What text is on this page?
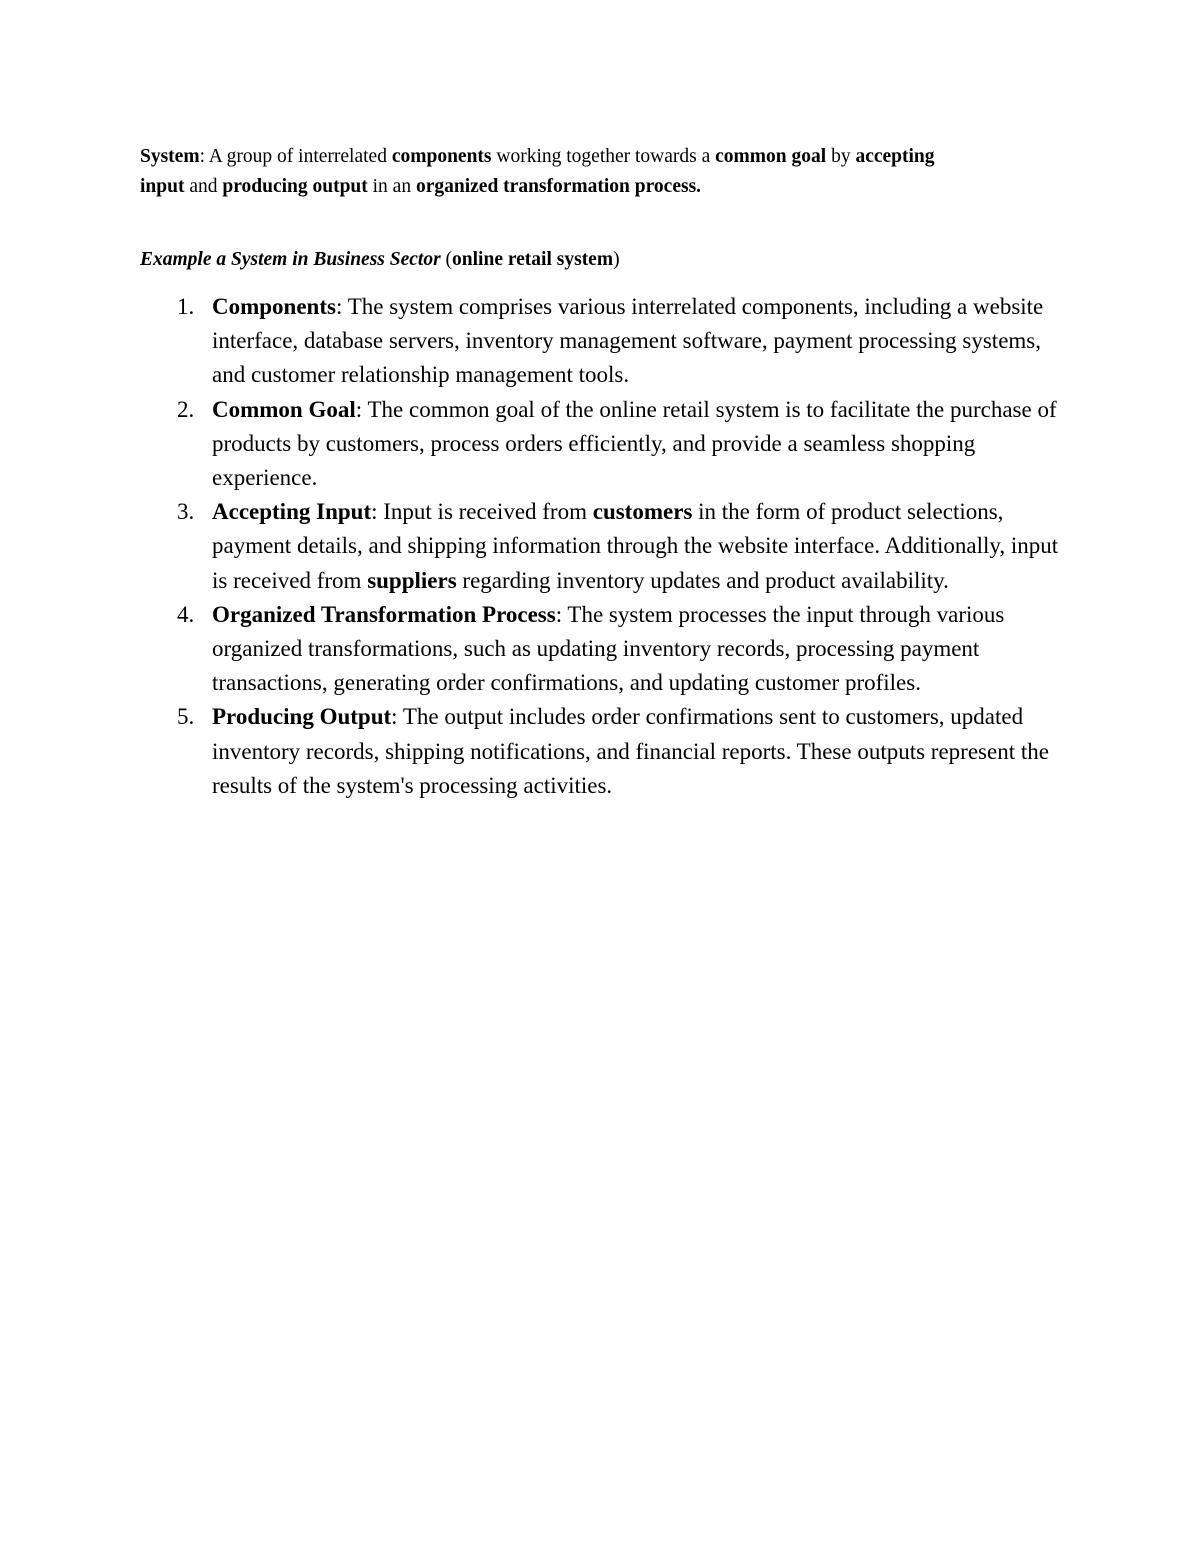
System: A group of interrelated components working together towards a common goal by accepting input and producing output in an organized transformation process.

Example a System in Business Sector (online retail system)

1. Components: The system comprises various interrelated components, including a website interface, database servers, inventory management software, payment processing systems, and customer relationship management tools.
2. Common Goal: The common goal of the online retail system is to facilitate the purchase of products by customers, process orders efficiently, and provide a seamless shopping experience.
3. Accepting Input: Input is received from customers in the form of product selections, payment details, and shipping information through the website interface. Additionally, input is received from suppliers regarding inventory updates and product availability.
4. Organized Transformation Process: The system processes the input through various organized transformations, such as updating inventory records, processing payment transactions, generating order confirmations, and updating customer profiles.
5. Producing Output: The output includes order confirmations sent to customers, updated inventory records, shipping notifications, and financial reports. These outputs represent the results of the system's processing activities.
